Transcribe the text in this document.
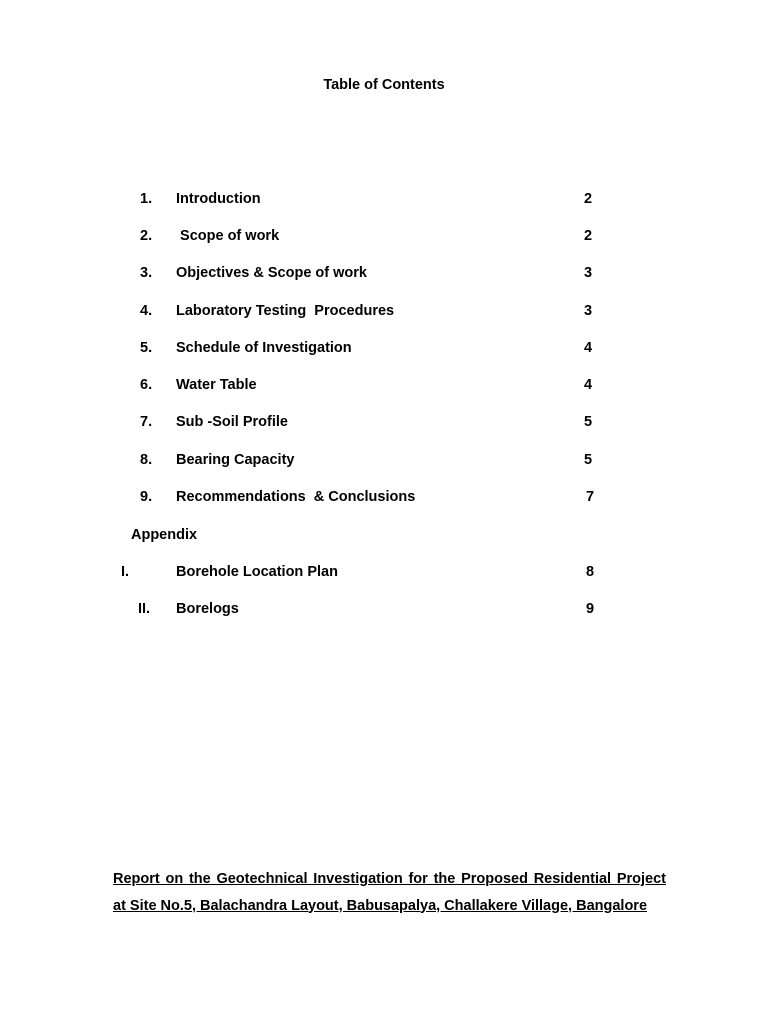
Table of Contents
1. Introduction	2
2. Scope of work	2
3. Objectives & Scope of work	3
4. Laboratory Testing  Procedures	3
5. Schedule of Investigation	4
6. Water Table	4
7. Sub -Soil Profile	5
8. Bearing Capacity	5
9. Recommendations  & Conclusions	7
Appendix
I.	Borehole Location Plan	8
II. Borelogs	9
Report on the Geotechnical Investigation for the Proposed Residential Project at Site No.5, Balachandra Layout, Babusapalya, Challakere Village, Bangalore
